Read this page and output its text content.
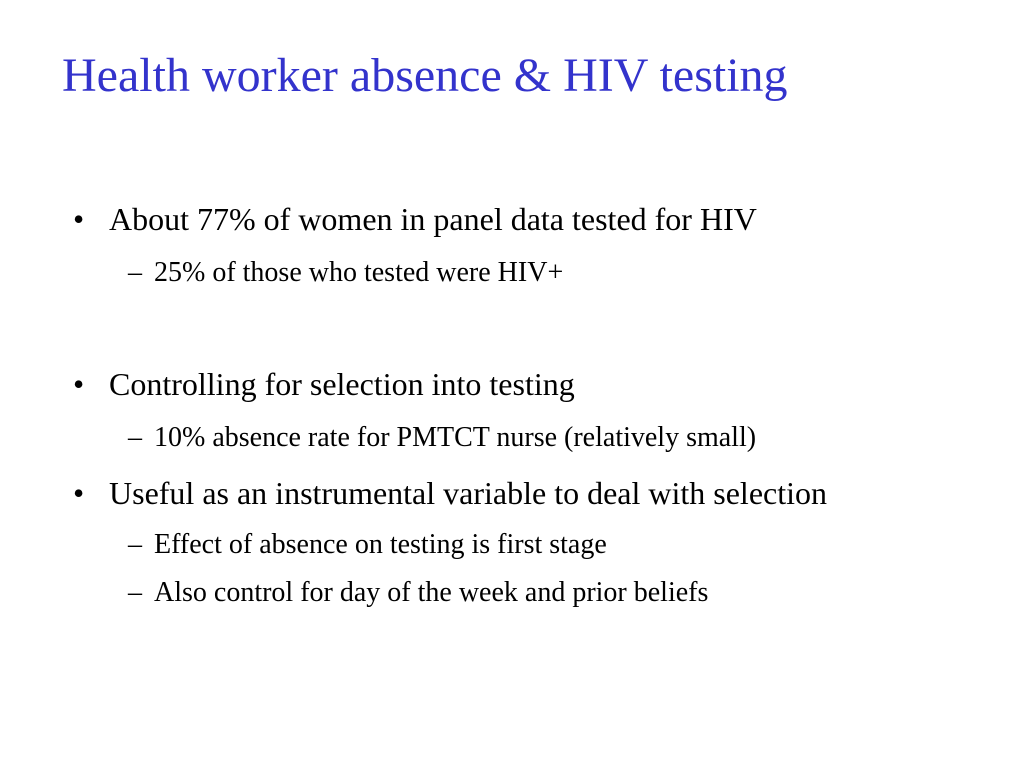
Health worker absence & HIV testing
• About 77% of women in panel data tested for HIV
– 25% of those who tested were HIV+
• Controlling for selection into testing
– 10% absence rate for PMTCT nurse (relatively small)
• Useful as an instrumental variable to deal with selection
– Effect of absence on testing is first stage
– Also control for day of the week and prior beliefs
